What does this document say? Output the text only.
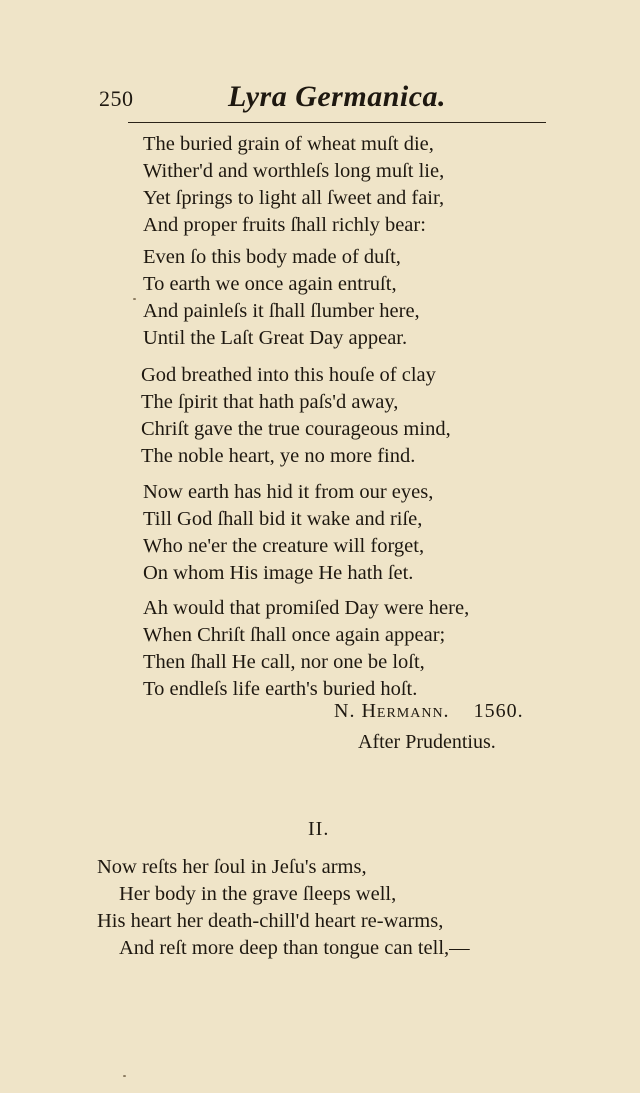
250	Lyra Germanica.
The buried grain of wheat muſt die,
Wither'd and worthleſs long muſt lie,
Yet ſprings to light all ſweet and fair,
And proper fruits ſhall richly bear:
Even ſo this body made of duſt,
To earth we once again entruſt,
And painleſs it ſhall ſlumber here,
Until the Laſt Great Day appear.
God breathed into this houſe of clay
The ſpirit that hath paſs'd away,
Chriſt gave the true courageous mind,
The noble heart, ye no more find.
Now earth has hid it from our eyes,
Till God ſhall bid it wake and riſe,
Who ne'er the creature will forget,
On whom His image He hath ſet.
Ah would that promiſed Day were here,
When Chriſt ſhall once again appear;
Then ſhall He call, nor one be loſt,
To endleſs life earth's buried hoſt.
N. Hermann. 1560.
After Prudentius.
II.
Now reſts her ſoul in Jeſu's arms,
Her body in the grave ſleeps well,
His heart her death-chill'd heart re-warms,
And reſt more deep than tongue can tell,—
